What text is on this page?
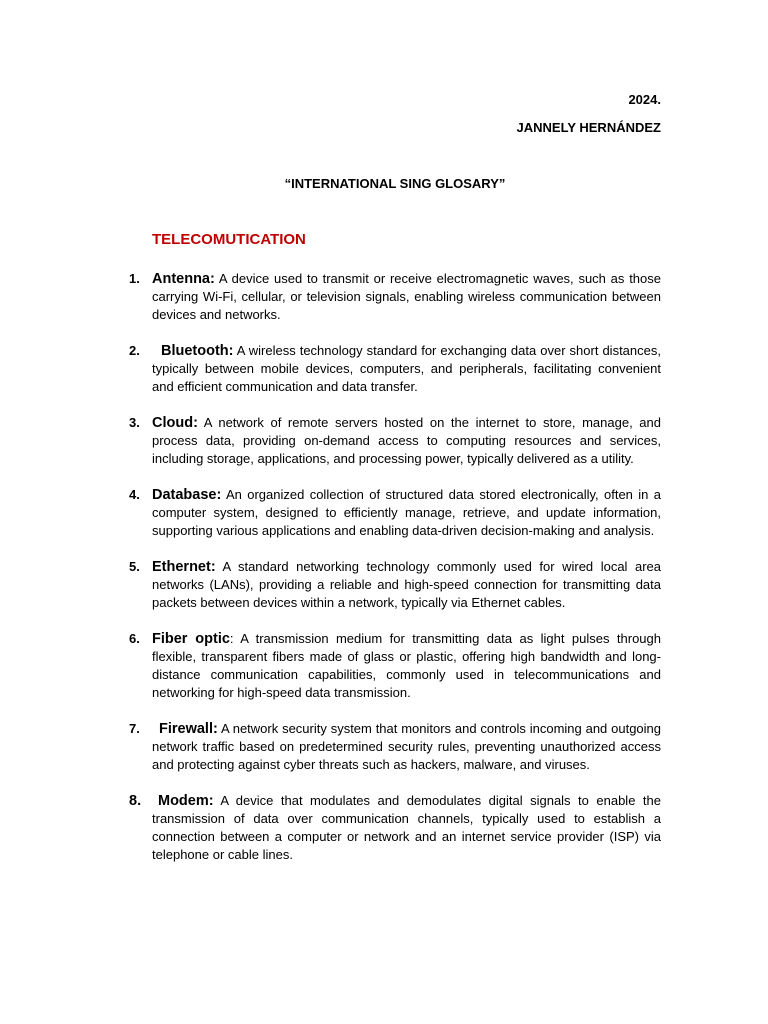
2024.
JANNELY HERNÁNDEZ
“INTERNATIONAL SING GLOSARY”
TELECOMUTICATION
1. Antenna: A device used to transmit or receive electromagnetic waves, such as those carrying Wi-Fi, cellular, or television signals, enabling wireless communication between devices and networks.
2. Bluetooth: A wireless technology standard for exchanging data over short distances, typically between mobile devices, computers, and peripherals, facilitating convenient and efficient communication and data transfer.
3. Cloud: A network of remote servers hosted on the internet to store, manage, and process data, providing on-demand access to computing resources and services, including storage, applications, and processing power, typically delivered as a utility.
4. Database: An organized collection of structured data stored electronically, often in a computer system, designed to efficiently manage, retrieve, and update information, supporting various applications and enabling data-driven decision-making and analysis.
5. Ethernet: A standard networking technology commonly used for wired local area networks (LANs), providing a reliable and high-speed connection for transmitting data packets between devices within a network, typically via Ethernet cables.
6. Fiber optic: A transmission medium for transmitting data as light pulses through flexible, transparent fibers made of glass or plastic, offering high bandwidth and long-distance communication capabilities, commonly used in telecommunications and networking for high-speed data transmission.
7. Firewall: A network security system that monitors and controls incoming and outgoing network traffic based on predetermined security rules, preventing unauthorized access and protecting against cyber threats such as hackers, malware, and viruses.
8. Modem: A device that modulates and demodulates digital signals to enable the transmission of data over communication channels, typically used to establish a connection between a computer or network and an internet service provider (ISP) via telephone or cable lines.
